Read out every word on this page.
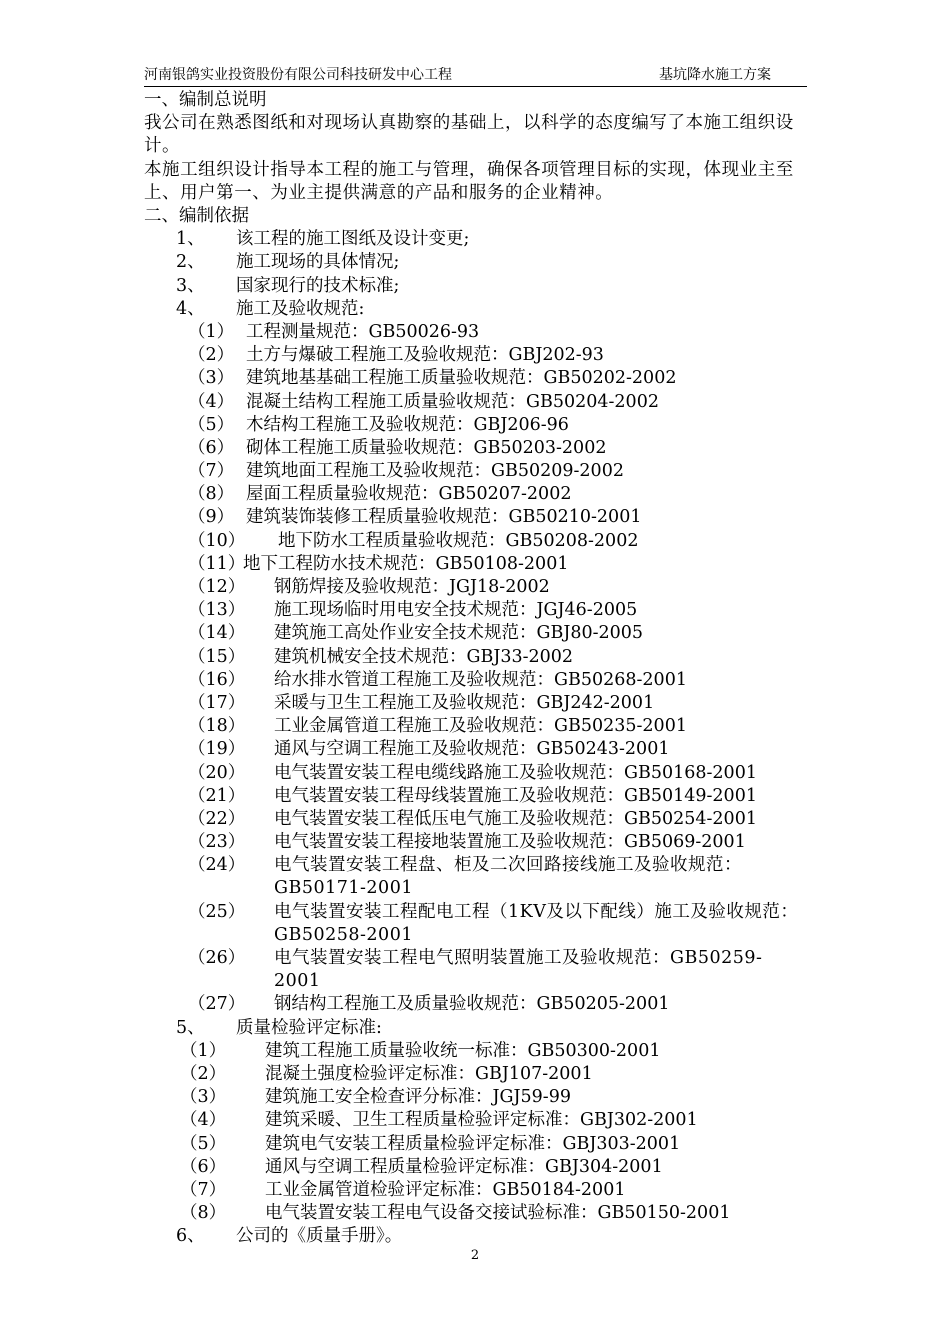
河南银鸽实业投资股份有限公司科技研发中心工程	基坑降水施工方案
一、编制总说明
我公司在熟悉图纸和对现场认真勘察的基础上，以科学的态度编写了本施工组织设计。
本施工组织设计指导本工程的施工与管理，确保各项管理目标的实现，体现业主至上、用户第一、为业主提供满意的产品和服务的企业精神。
二、编制依据
1、 该工程的施工图纸及设计变更;
2、 施工现场的具体情况;
3、 国家现行的技术标准;
4、 施工及验收规范:
（1） 工程测量规范：GB50026-93
（2） 土方与爆破工程施工及验收规范：GBJ202-93
（3） 建筑地基基础工程施工质量验收规范：GB50202-2002
（4） 混凝土结构工程施工质量验收规范：GB50204-2002
（5） 木结构工程施工及验收规范：GBJ206-96
（6） 砌体工程施工质量验收规范：GB50203-2002
（7） 建筑地面工程施工及验收规范：GB50209-2002
（8） 屋面工程质量验收规范：GB50207-2002
（9） 建筑装饰装修工程质量验收规范：GB50210-2001
（10） 地下防水工程质量验收规范：GB50208-2002
（11）
地下工程防水技术规范：GB50108-2001
（12） 钢筋焊接及验收规范：JGJ18-2002
（13） 施工现场临时用电安全技术规范：JGJ46-2005
（14） 建筑施工高处作业安全技术规范：GBJ80-2005
（15） 建筑机械安全技术规范：GBJ33-2002
（16） 给水排水管道工程施工及验收规范：GB50268-2001
（17） 采暖与卫生工程施工及验收规范：GBJ242-2001
（18） 工业金属管道工程施工及验收规范：GB50235-2001
（19） 通风与空调工程施工及验收规范：GB50243-2001
（20） 电气装置安装工程电缆线路施工及验收规范：GB50168-2001
（21） 电气装置安装工程母线装置施工及验收规范：GB50149-2001
（22） 电气装置安装工程低压电气施工及验收规范：GB50254-2001
（23） 电气装置安装工程接地装置施工及验收规范：GB5069-2001
（24） 电气装置安装工程盘、柜及二次回路接线施工及验收规范：GB50171-2001
（25） 电气装置安装工程配电工程（1KV及以下配线）施工及验收规范：GB50258-2001
（26） 电气装置安装工程电气照明装置施工及验收规范：GB50259-2001
（27） 钢结构工程施工及质量验收规范：GB50205-2001
5、 质量检验评定标准:
（1） 建筑工程施工质量验收统一标准：GB50300-2001
（2） 混凝土强度检验评定标准：GBJ107-2001
（3） 建筑施工安全检查评分标准：JGJ59-99
（4） 建筑采暖、卫生工程质量检验评定标准：GBJ302-2001
（5） 建筑电气安装工程质量检验评定标准：GBJ303-2001
（6） 通风与空调工程质量检验评定标准：GBJ304-2001
（7） 工业金属管道检验评定标准：GB50184-2001
（8） 电气装置安装工程电气设备交接试验标准：GB50150-2001
6、 公司的《质量手册》。
2
